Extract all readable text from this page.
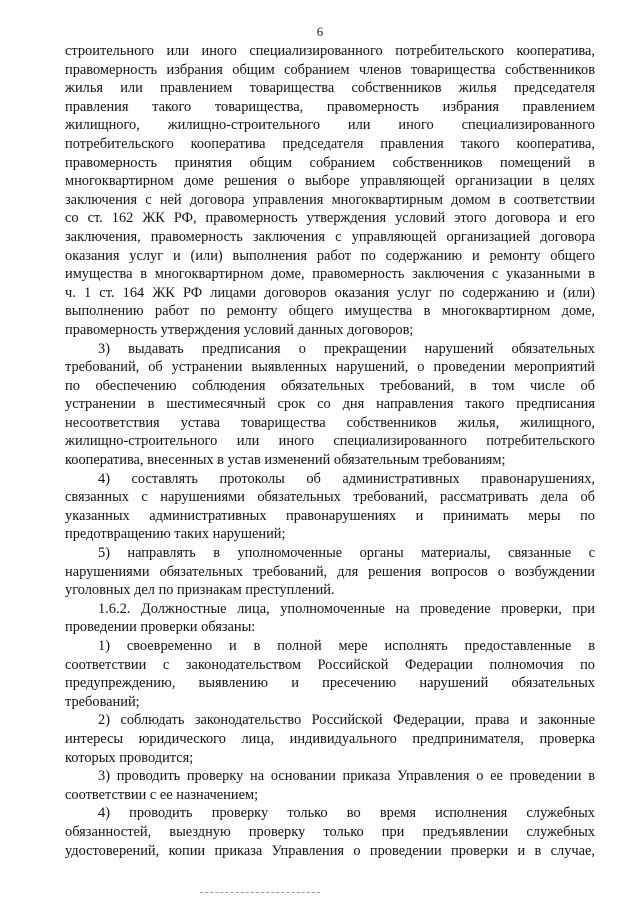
6
строительного или иного специализированного потребительского кооператива,
правомерность избрания общим собранием членов товарищества собственников
жилья или правлением товарищества собственников жилья председателя
правления такого товарищества, правомерность избрания правлением
жилищного, жилищно-строительного или иного специализированного
потребительского кооператива председателя правления такого кооператива,
правомерность принятия общим собранием собственников помещений в
многоквартирном доме решения о выборе управляющей организации в целях
заключения с ней договора управления многоквартирным домом в соответствии
со ст. 162 ЖК РФ, правомерность утверждения условий этого договора и его
заключения, правомерность заключения с управляющей организацией договора
оказания услуг и (или) выполнения работ по содержанию и ремонту общего
имущества в многоквартирном доме, правомерность заключения с указанными в
ч. 1 ст. 164 ЖК РФ лицами договоров оказания услуг по содержанию и (или)
выполнению работ по ремонту общего имущества в многоквартирном доме,
правомерность утверждения условий данных договоров;
3) выдавать предписания о прекращении нарушений обязательных
требований, об устранении выявленных нарушений, о проведении мероприятий
по обеспечению соблюдения обязательных требований, в том числе об
устранении в шестимесячный срок со дня направления такого предписания
несоответствия устава товарищества собственников жилья, жилищного,
жилищно-строительного или иного специализированного потребительского
кооператива, внесенных в устав изменений обязательным требованиям;
4) составлять протоколы об административных правонарушениях,
связанных с нарушениями обязательных требований, рассматривать дела об
указанных административных правонарушениях и принимать меры по
предотвращению таких нарушений;
5) направлять в уполномоченные органы материалы, связанные с
нарушениями обязательных требований, для решения вопросов о возбуждении
уголовных дел по признакам преступлений.
1.6.2. Должностные лица, уполномоченные на проведение проверки, при
проведении проверки обязаны:
1) своевременно и в полной мере исполнять предоставленные в
соответствии с законодательством Российской Федерации полномочия по
предупреждению, выявлению и пресечению нарушений обязательных
требований;
2) соблюдать законодательство Российской Федерации, права и законные
интересы юридического лица, индивидуального предпринимателя, проверка
которых проводится;
3) проводить проверку на основании приказа Управления о ее проведении в
соответствии с ее назначением;
4) проводить проверку только во время исполнения служебных
обязанностей, выездную проверку только при предъявлении служебных
удостоверений, копии приказа Управления о проведении проверки и в случае,
